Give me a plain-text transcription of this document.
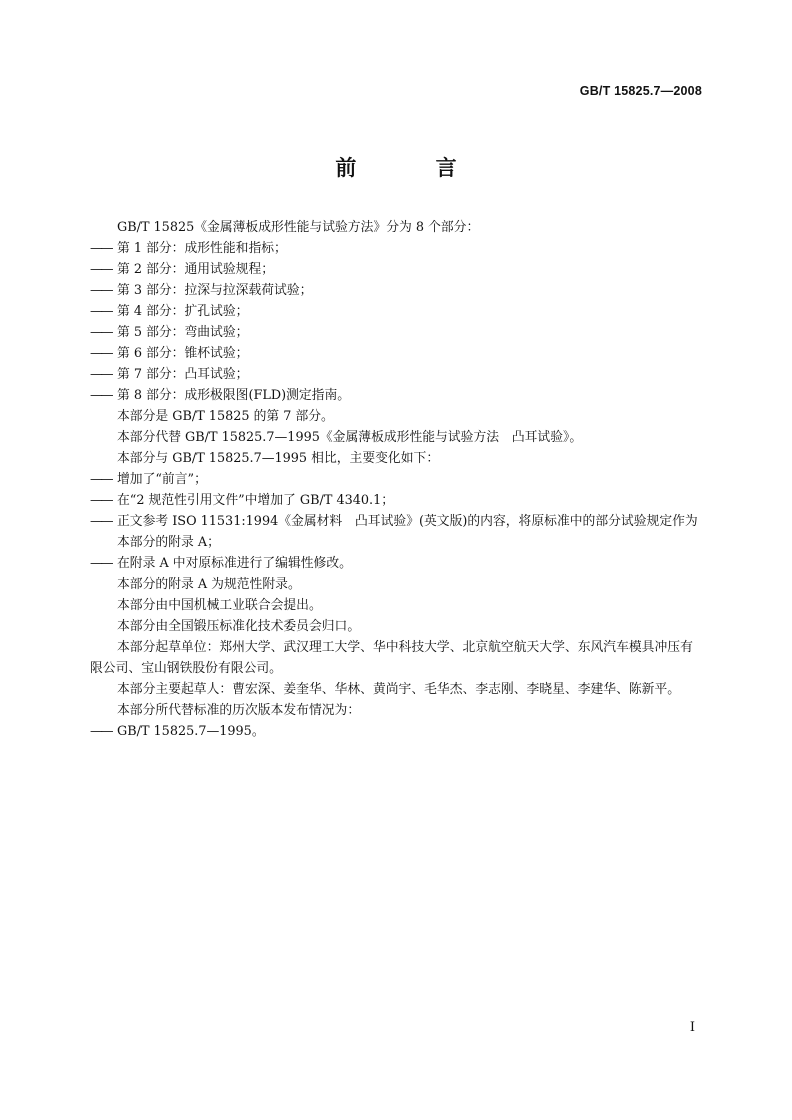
GB/T 15825.7—2008
前 言

GB/T 15825《金属薄板成形性能与试验方法》分为 8 个部分：

—— 第 1 部分：成形性能和指标；

—— 第 2 部分：通用试验规程；

—— 第 3 部分：拉深与拉深载荷试验；

—— 第 4 部分：扩孔试验；

—— 第 5 部分：弯曲试验；

—— 第 6 部分：锥杯试验；

—— 第 7 部分：凸耳试验；

—— 第 8 部分：成形极限图(FLD)测定指南。

本部分是 GB/T 15825 的第 7 部分。

本部分代替 GB/T 15825.7—1995《金属薄板成形性能与试验方法　凸耳试验》。

本部分与 GB/T 15825.7—1995 相比，主要变化如下：

—— 增加了“前言”；

—— 在“2 规范性引用文件”中增加了 GB/T 4340.1；

—— 正文参考 ISO 11531:1994《金属材料　凸耳试验》(英文版)的内容，将原标准中的部分试验规定作为本部分的附录 A；

—— 在附录 A 中对原标准进行了编辑性修改。

本部分的附录 A 为规范性附录。

本部分由中国机械工业联合会提出。

本部分由全国锻压标准化技术委员会归口。

本部分起草单位：郑州大学、武汉理工大学、华中科技大学、北京航空航天大学、东风汽车模具冲压有限公司、宝山钢铁股份有限公司。

本部分主要起草人：曹宏深、姜奎华、华林、黄尚宇、毛华杰、李志刚、李晓星、李建华、陈新平。

本部分所代替标准的历次版本发布情况为：

—— GB/T 15825.7—1995。

I
